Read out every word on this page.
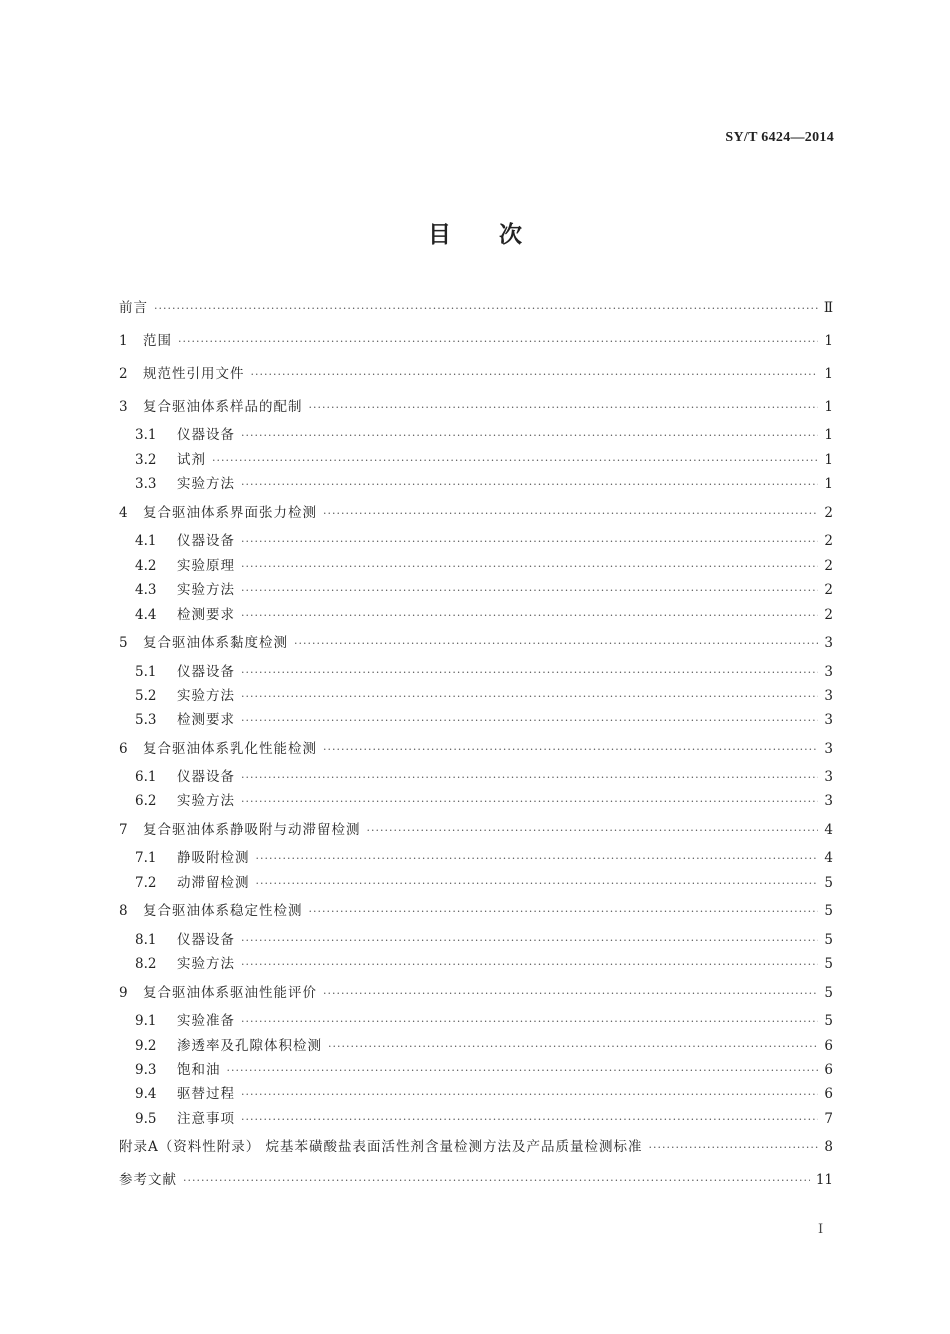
SY/T 6424—2014
目次
前言 ·····	Ⅱ
1	范围 ·····	1
2	规范性引用文件 ·····	1
3	复合驱油体系样品的配制 ·····	1
3.1	仪器设备 ·····	1
3.2	试剂 ·····	1
3.3	实验方法 ·····	1
4	复合驱油体系界面张力检测 ·····	2
4.1	仪器设备 ·····	2
4.2	实验原理 ·····	2
4.3	实验方法 ·····	2
4.4	检测要求 ·····	2
5	复合驱油体系黏度检测 ·····	3
5.1	仪器设备 ·····	3
5.2	实验方法 ·····	3
5.3	检测要求 ·····	3
6	复合驱油体系乳化性能检测 ·····	3
6.1	仪器设备 ·····	3
6.2	实验方法 ·····	3
7	复合驱油体系静吸附与动滞留检测 ·····	4
7.1	静吸附检测 ·····	4
7.2	动滞留检测 ·····	5
8	复合驱油体系稳定性检测 ·····	5
8.1	仪器设备 ·····	5
8.2	实验方法 ·····	5
9	复合驱油体系驱油性能评价 ·····	5
9.1	实验准备 ·····	5
9.2	渗透率及孔隙体积检测 ·····	6
9.3	饱和油 ·····	6
9.4	驱替过程 ·····	6
9.5	注意事项 ·····	7
附录A（资料性附录） 烷基苯磺酸盐表面活性剂含量检测方法及产品质量检测标准 ·····	8
参考文献 ·····	11
I
